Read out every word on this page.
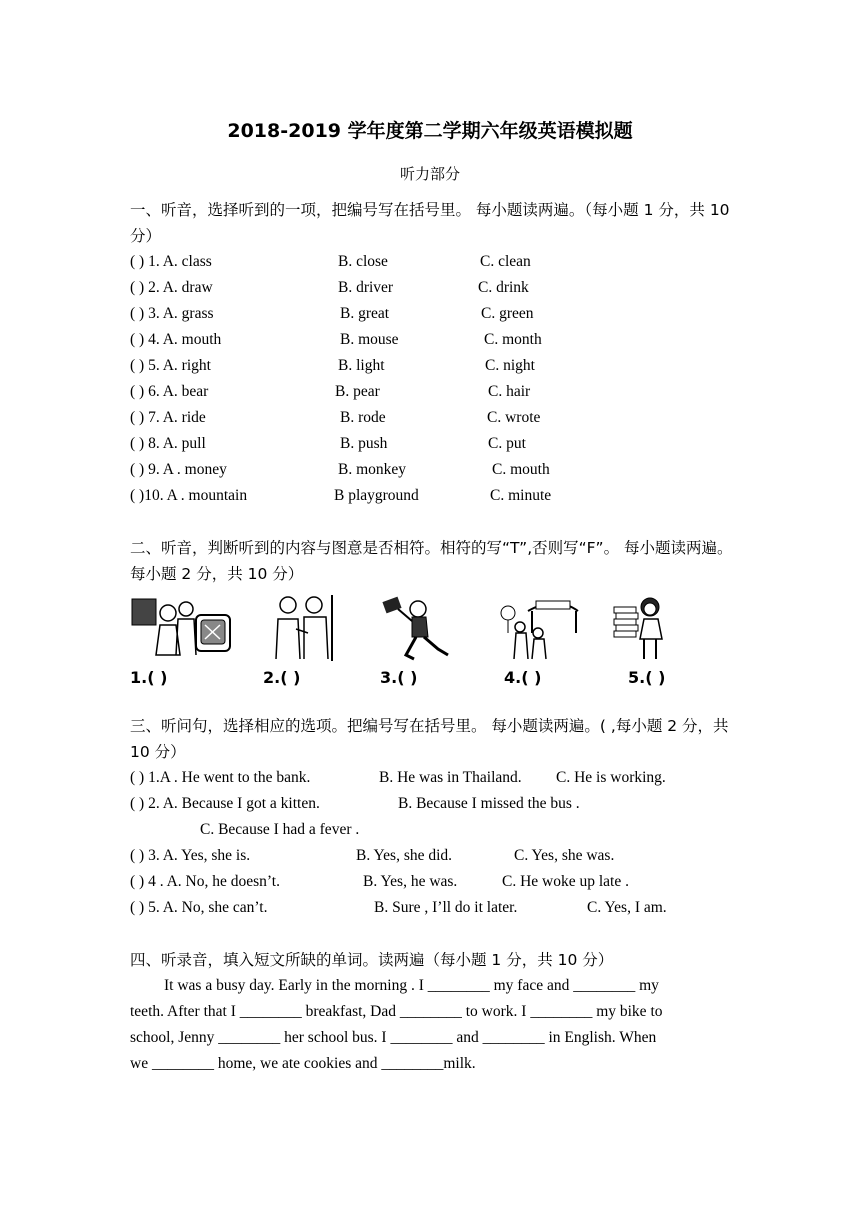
2018-2019 学年度第二学期六年级英语模拟题
听力部分
一、听音，选择听到的一项，把编号写在括号里。 每小题读两遍。（每小题 1 分，共 10 分）
( ) 1. A. class	B. close	C. clean
( ) 2. A. draw	B. driver	C. drink
( ) 3. A. grass	B. great	C. green
( ) 4. A. mouth	B. mouse	C. month
( ) 5. A. right	B. light	C. night
( ) 6. A. bear	B. pear	C. hair
( ) 7. A. ride	B. rode	C. wrote
( ) 8. A. pull	B. push	C. put
( ) 9. A . money	B. monkey	C. mouth
( )10. A . mountain	B playground	C. minute
二、听音，判断听到的内容与图意是否相符。相符的写“T”,否则写“F”。 每小题读两遍。每小题 2 分，共 10 分）
1.( )	2.( )	3.( )	4.( )	5.( )
三、听问句，选择相应的选项。把编号写在括号里。 每小题读两遍。( ,每小题 2 分，共 10 分）
( ) 1.A . He went to the bank.	B. He was in Thailand. C. He is working.
( ) 2. A. Because I got a kitten.	B. Because I missed the bus .
C. Because I had a fever .
( ) 3. A. Yes, she is.	B. Yes, she did.	C. Yes, she was.
( ) 4 . A. No, he doesn’t.	B. Yes, he was.	C. He woke up late .
( ) 5. A. No, she can’t.	B. Sure , I’ll do it later.	C. Yes, I am.
四、听录音，填入短文所缺的单词。读两遍（每小题 1 分，共 10 分）

It was a busy day. Early in the morning . I ________ my face and ________ my

teeth. After that I ________ breakfast, Dad ________ to work. I ________ my bike to

school, Jenny ________ her school bus. I ________ and ________ in English. When

we ________ home, we ate cookies and ________milk.
